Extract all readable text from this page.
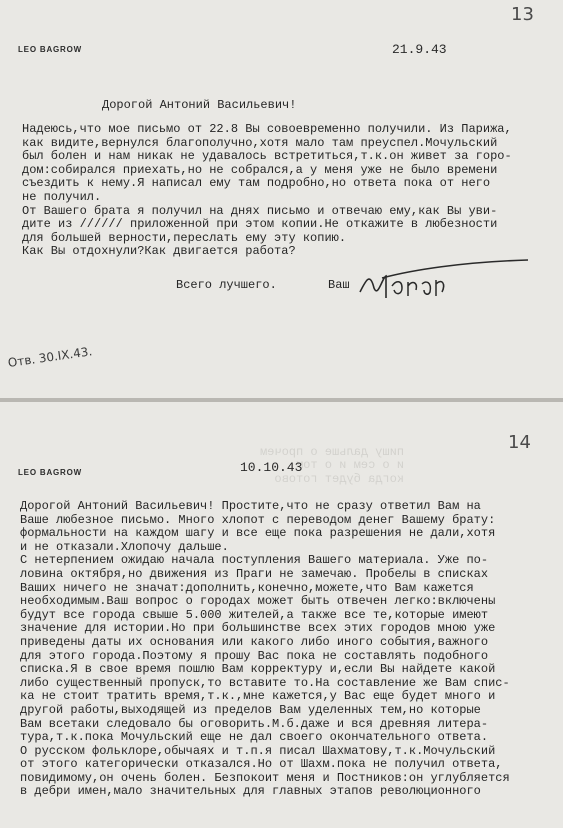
LEO BAGROW
13
21.9.43
Дорогой Антоний Васильевич!
Надеюсь,что мое письмо от 22.8 Вы совоевременно получили. Из Парижа,
как видите,вернулся благополучно,хотя мало там преуспел.Мочульский
был болен и нам никак не удавалось встретиться,т.к.он живет за горо-
дом:собирался приехать,но не собрался,а у меня уже не было времени
съездить к нему.Я написал ему там подробно,но ответа пока от него
не получил.
От Вашего брата я получил на днях письмо и отвечаю ему,как Вы уви-
дите из ////// приложенной при этом копии.Не откажите в любезности
для большей верности,переслать ему эту копию.
Как Вы отдохнули?Как двигается работа?
Всего лучшего.	Ваш
Отв. 30.IX.43.

пишу дальше о прочем
и о сем и о том
когда будет готово

LEO BAGROW
14
10.10.43
Дорогой Антоний Васильевич! Простите,что не сразу ответил Вам на
Ваше любезное письмо. Много хлопот с переводом денег Вашему брату:
формальности на каждом шагу и все еще пока разрешения не дали,хотя
и не отказали.Хлопочу дальше.
С нетерпением ожидаю начала поступления Вашего материала. Уже по-
ловина октября,но движения из Праги не замечаю. Пробелы в списках
Ваших ничего не значат:дополнить,конечно,можете,что Вам кажется
необходимым.Ваш вопрос о городах может быть отвечен легко:включены
будут все города свыше 5.000 жителей,а также все те,которые имеют
значение для истории.Но при большинстве всех этих городов мною уже
приведены даты их основания или какого либо иного события,важного
для этого города.Поэтому я прошу Вас пока не составлять подобного
списка.Я в свое время пошлю Вам корректуру и,если Вы найдете какой
либо существенный пропуск,то вставите то.На составление же Вам спис-
ка не стоит тратить время,т.к.,мне кажется,у Вас еще будет много и
другой работы,выходящей из пределов Вам уделенных тем,но которые
Вам всетаки следовало бы оговорить.М.б.даже и вся древняя литера-
тура,т.к.пока Мочульский еще не дал своего окончательного ответа.
О русском фольклоре,обычаях и т.п.я писал Шахматову,т.к.Мочульский
от этого категорически отказался.Но от Шахм.пока не получил ответа,
повидимому,он очень болен. Безпокоит меня и Постников:он углубляется
в дебри имен,мало значительных для главных этапов революционного
